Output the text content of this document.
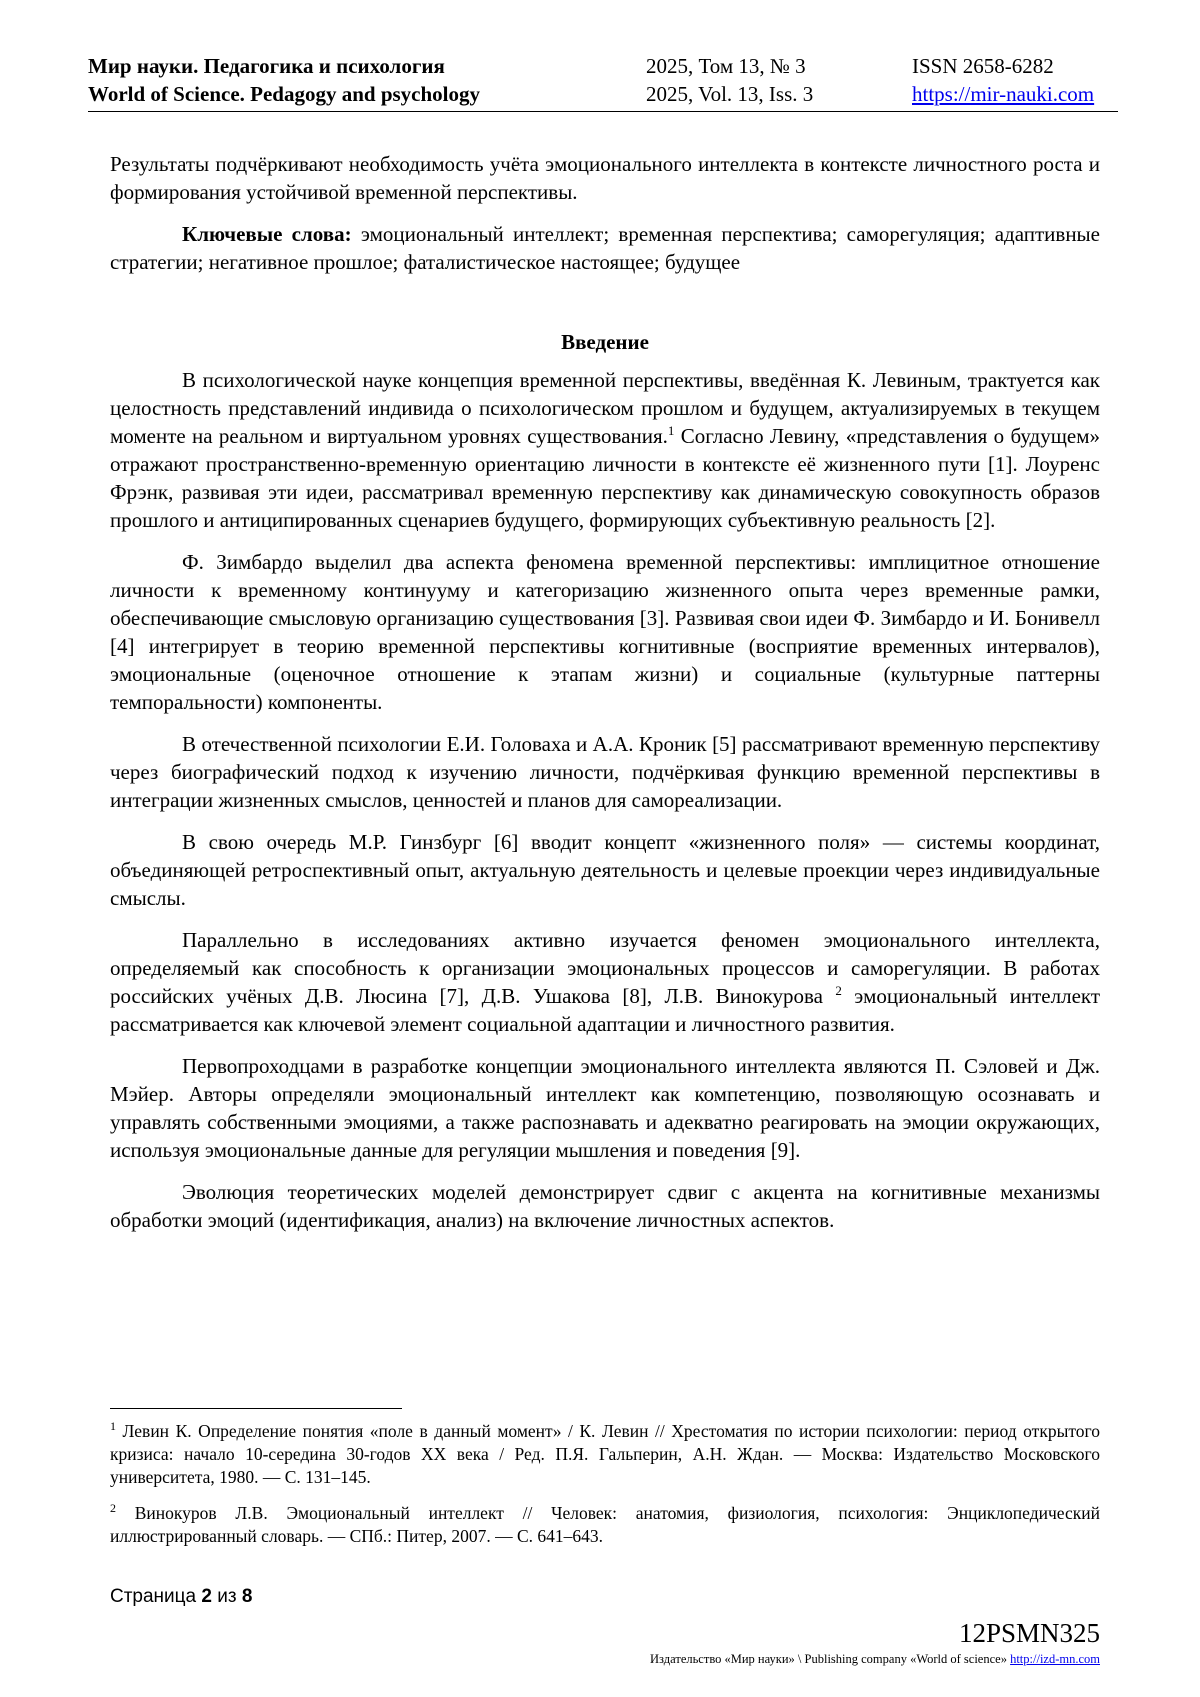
Мир науки. Педагогика и психология
World of Science. Pedagogy and psychology
2025, Том 13, № 3
2025, Vol. 13, Iss. 3
ISSN 2658-6282
https://mir-nauki.com

Результаты подчёркивают необходимость учёта эмоционального интеллекта в контексте личностного роста и формирования устойчивой временной перспективы.

Ключевые слова: эмоциональный интеллект; временная перспектива; саморегуляция; адаптивные стратегии; негативное прошлое; фаталистическое настоящее; будущее

Введение

В психологической науке концепция временной перспективы, введённая К. Левиным, трактуется как целостность представлений индивида о психологическом прошлом и будущем, актуализируемых в текущем моменте на реальном и виртуальном уровнях существования.$^1$ Согласно Левину, «представления о будущем» отражают пространственно-временную ориентацию личности в контексте её жизненного пути [1]. Лоуренс Фрэнк, развивая эти идеи, рассматривал временную перспективу как динамическую совокупность образов прошлого и антиципированных сценариев будущего, формирующих субъективную реальность [2].

Ф. Зимбардо выделил два аспекта феномена временной перспективы: имплицитное отношение личности к временному континууму и категоризацию жизненного опыта через временные рамки, обеспечивающие смысловую организацию существования [3]. Развивая свои идеи Ф. Зимбардо и И. Бонивелл [4] интегрирует в теорию временной перспективы когнитивные (восприятие временных интервалов), эмоциональные (оценочное отношение к этапам жизни) и социальные (культурные паттерны темпоральности) компоненты.

В отечественной психологии Е.И. Головаха и А.А. Кроник [5] рассматривают временную перспективу через биографический подход к изучению личности, подчёркивая функцию временной перспективы в интеграции жизненных смыслов, ценностей и планов для самореализации.

В свою очередь М.Р. Гинзбург [6] вводит концепт «жизненного поля» — системы координат, объединяющей ретроспективный опыт, актуальную деятельность и целевые проекции через индивидуальные смыслы.

Параллельно в исследованиях активно изучается феномен эмоционального интеллекта, определяемый как способность к организации эмоциональных процессов и саморегуляции. В работах российских учёных Д.В. Люсина [7], Д.В. Ушакова [8], Л.В. Винокурова $^2$ эмоциональный интеллект рассматривается как ключевой элемент социальной адаптации и личностного развития.

Первопроходцами в разработке концепции эмоционального интеллекта являются П. Сэловей и Дж. Мэйер. Авторы определяли эмоциональный интеллект как компетенцию, позволяющую осознавать и управлять собственными эмоциями, а также распознавать и адекватно реагировать на эмоции окружающих, используя эмоциональные данные для регуляции мышления и поведения [9].

Эволюция теоретических моделей демонстрирует сдвиг с акцента на когнитивные механизмы обработки эмоций (идентификация, анализ) на включение личностных аспектов.

$^1$ Левин К. Определение понятия «поле в данный момент» / К. Левин // Хрестоматия по истории психологии: период открытого кризиса: начало 10-середина 30-годов XX века / Ред. П.Я. Гальперин, А.Н. Ждан. — Москва: Издательство Московского университета, 1980. — С. 131–145.

$^2$ Винокуров Л.В. Эмоциональный интеллект // Человек: анатомия, физиология, психология: Энциклопедический иллюстрированный словарь. — СПб.: Питер, 2007. — С. 641–643.

Страница 2 из 8
12PSMN325
Издательство «Мир науки» \ Publishing company «World of science» http://izd-mn.com
